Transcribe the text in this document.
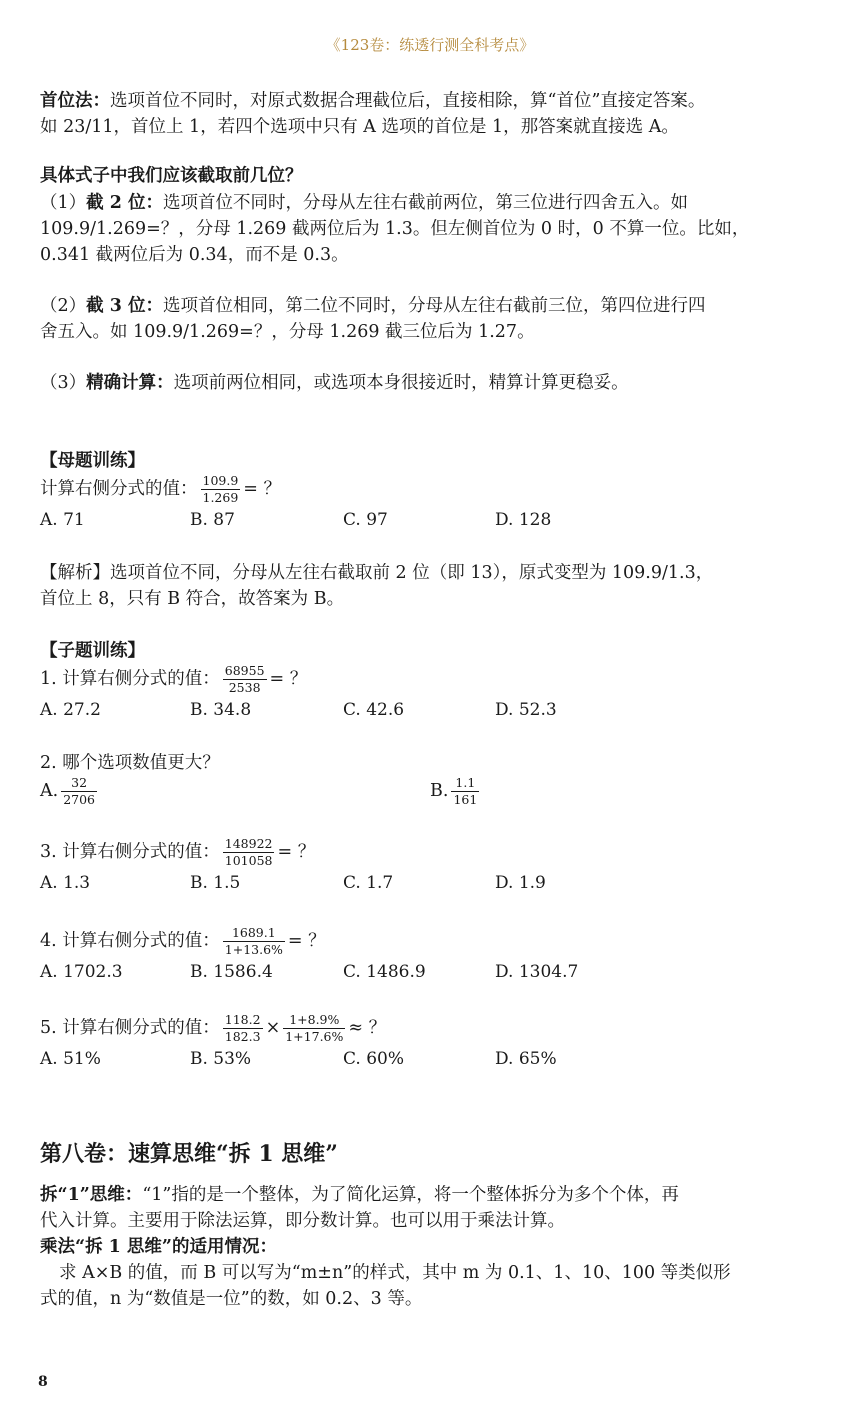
《123卷：练透行测全科考点》
首位法：选项首位不同时，对原式数据合理截位后，直接相除，算“首位”直接定答案。
如 23/11，首位上 1，若四个选项中只有 A 选项的首位是 1，那答案就直接选 A。
具体式子中我们应该截取前几位？
（1）截 2 位：选项首位不同时，分母从左往右截前两位，第三位进行四舍五入。如
109.9/1.269=？，分母 1.269 截两位后为 1.3。但左侧首位为 0 时，0 不算一位。比如，
0.341 截两位后为 0.34，而不是 0.3。
（2）截 3 位：选项首位相同，第二位不同时，分母从左往右截前三位，第四位进行四
舍五入。如 109.9/1.269=？，分母 1.269 截三位后为 1.27。
（3）精确计算：选项前两位相同，或选项本身很接近时，精算计算更稳妥。
【母题训练】
计算右侧分式的值： $\frac{109.9}{1.269}$ = ？
A. 71	B. 87	C. 97	D. 128
【解析】选项首位不同，分母从左往右截取前 2 位（即 13），原式变型为 109.9/1.3，
首位上 8，只有 B 符合，故答案为 B。
【子题训练】
1. 计算右侧分式的值： $\frac{68955}{2538}$ = ？
A. 27.2	B. 34.8	C. 42.6	D. 52.3
2. 哪个选项数值更大？
A. $\frac{32}{2706}$	B. $\frac{1.1}{161}$
3. 计算右侧分式的值： $\frac{148922}{101058}$ = ？
A. 1.3	B. 1.5	C. 1.7	D. 1.9
4. 计算右侧分式的值： $\frac{1689.1}{1+13.6\%}$ = ？
A. 1702.3	B. 1586.4	C. 1486.9	D. 1304.7
5. 计算右侧分式的值： $\frac{118.2}{182.3} \times \frac{1+8.9\%}{1+17.6\%}$ ≈ ？
A. 51%	B. 53%	C. 60%	D. 65%
第八卷：速算思维“拆 1 思维”
拆“1”思维：“1”指的是一个整体，为了简化运算，将一个整体拆分为多个个体，再
代入计算。主要用于除法运算，即分数计算。也可以用于乘法计算。
乘法“拆 1 思维”的适用情况：
求 A×B 的值，而 B 可以写为“m±n”的样式，其中 m 为 0.1、1、10、100 等类似形
式的值，n 为“数值是一位”的数，如 0.2、3 等。
8
